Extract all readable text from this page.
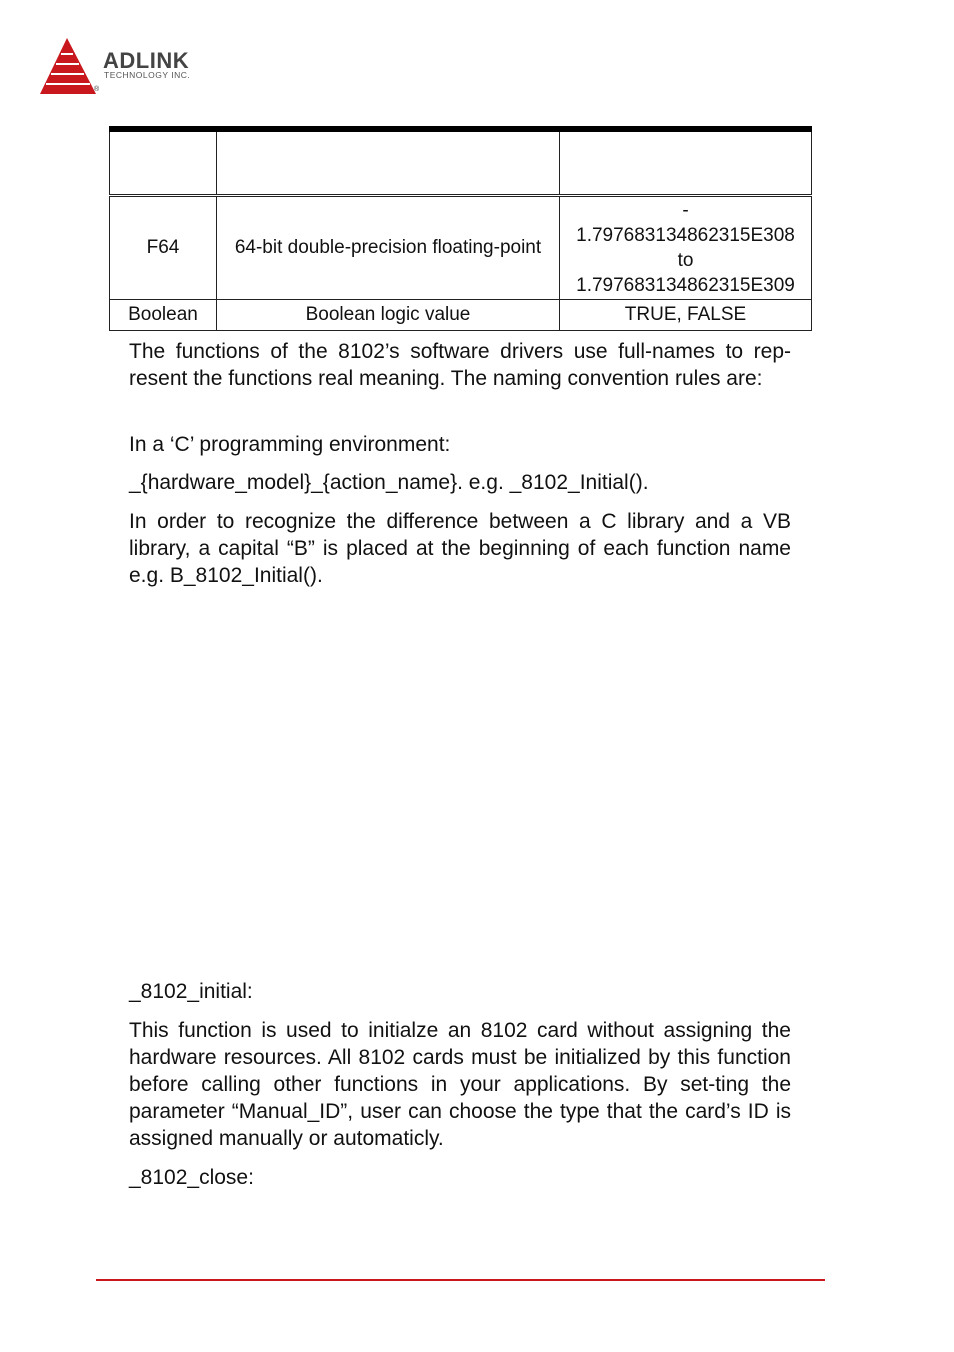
®
ADLINK
TECHNOLOGY INC.

F64	64-bit double-precision floating-point	-
1.797683134862315E308
to
1.797683134862315E309

Boolean	Boolean logic value	TRUE, FALSE

The functions of the 8102’s software drivers use full-names to rep-resent the functions real meaning. The naming convention rules are:

In a ‘C’ programming environment:

_{hardware_model}_{action_name}. e.g. _8102_Initial().

In order to recognize the difference between a C library and a VB library, a capital “B” is placed at the beginning of each function name e.g. B_8102_Initial().

_8102_initial:

This function is used to initialze an 8102 card without assigning the hardware resources. All 8102 cards must be initialized by this function before calling other functions in your applications. By set-ting the parameter “Manual_ID”, user can choose the type that the card’s ID is assigned manually or automaticly.

_8102_close:
